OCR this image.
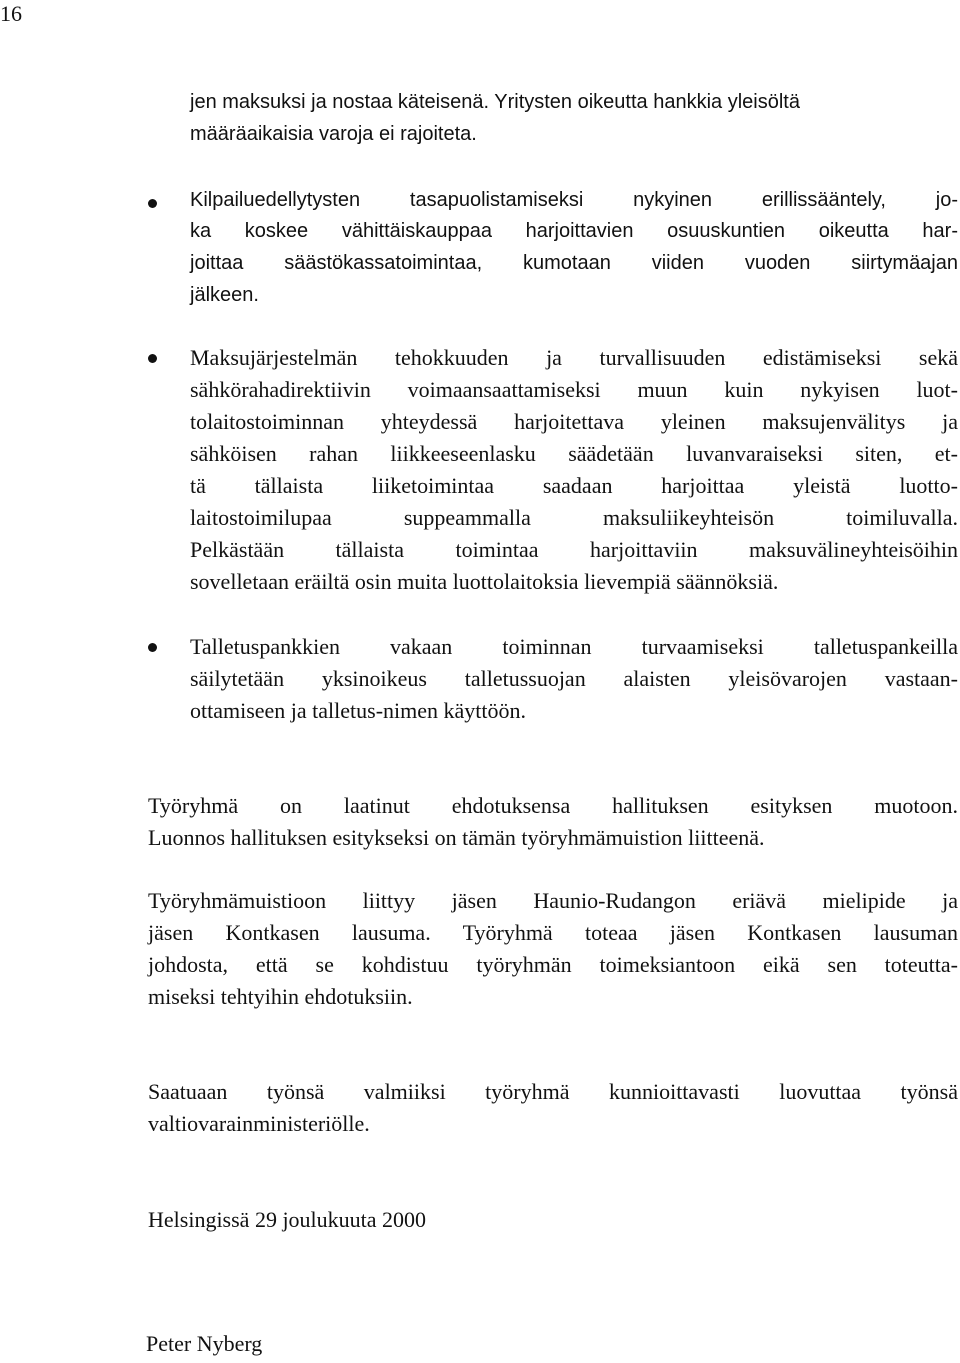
16
jen maksuksi ja nostaa käteisenä. Yritysten oikeutta hankkia yleisöltä
määräaikaisia varoja ei rajoiteta.
Kilpailuedellytysten tasapuolistamiseksi nykyinen erillissääntely, jo-
ka koskee vähittäiskauppaa harjoittavien osuuskuntien oikeutta har-
joittaa säästökassatoimintaa, kumotaan viiden vuoden siirtymäajan
jälkeen.
Maksujärjestelmän tehokkuuden ja turvallisuuden edistämiseksi sekä
sähkörahadirektiivin voimaansaattamiseksi muun kuin nykyisen luot-
tolaitostoiminnan yhteydessä harjoitettava yleinen maksujenvälitys ja
sähköisen rahan liikkeeseenlasku säädetään luvanvaraiseksi siten, et-
tä tällaista liiketoimintaa saadaan harjoittaa yleistä luotto-
laitostoimilupaa suppeammalla maksuliikeyhteisön toimiluvalla.
Pelkästään tällaista toimintaa harjoittaviin maksuvälineyhteisöihin
sovelletaan eräiltä osin muita luottolaitoksia lievempiä säännöksiä.
Talletuspankkien vakaan toiminnan turvaamiseksi talletuspankeilla
säilytetään yksinoikeus talletussuojan alaisten yleisövarojen vastaan-
ottamiseen ja talletus-nimen käyttöön.
Työryhmä on laatinut ehdotuksensa hallituksen esityksen muotoon.
Luonnos hallituksen esitykseksi on tämän työryhmämuistion liitteenä.
Työryhmämuistioon liittyy jäsen Haunio-Rudangon eriävä mielipide ja
jäsen Kontkasen lausuma. Työryhmä toteaa jäsen Kontkasen lausuman
johdosta, että se kohdistuu työryhmän toimeksiantoon eikä sen toteutta-
miseksi tehtyihin ehdotuksiin.
Saatuaan työnsä valmiiksi työryhmä kunnioittavasti luovuttaa työnsä
valtiovarainministeriölle.
Helsingissä 29 joulukuuta 2000
Peter Nyberg
